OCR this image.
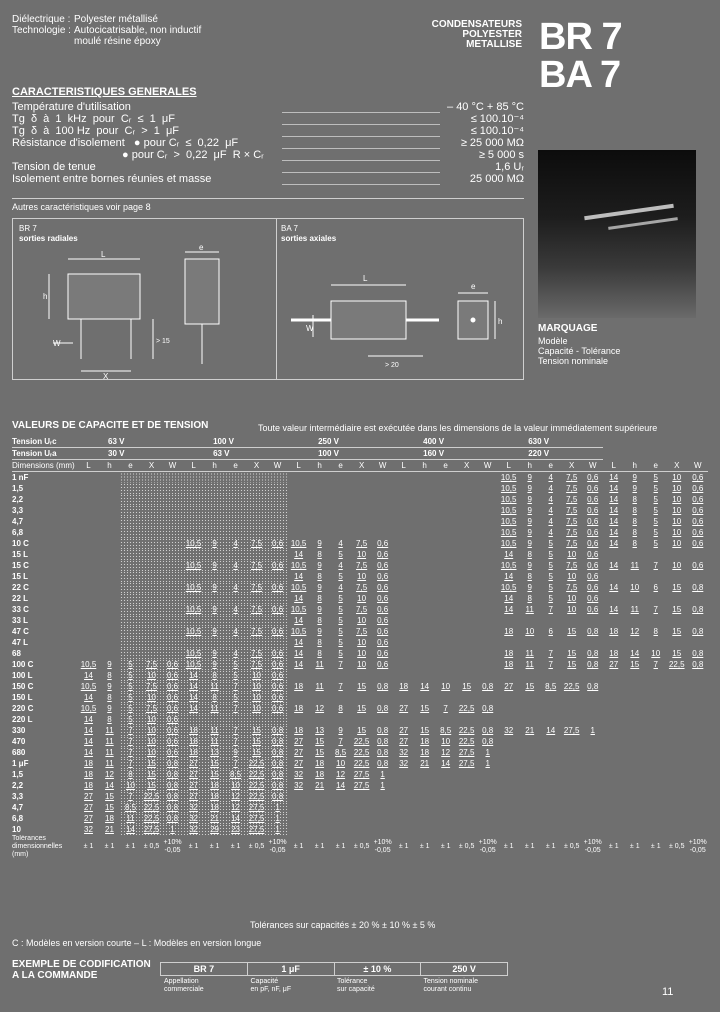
Diélectrique : Polyester métallisé
Technologie : Autocicatrisable, non inductif
moulé résine époxy
CONDENSATEURS
POLYESTER
METALLISE BR 7
BA 7
CARACTERISTIQUES GENERALES
Température d'utilisation	– 40 °C + 85 °C
Tg  δ  à  1  kHz  pour  Cᵣ  ≤  1  μF	≤ 100.10⁻⁴
Tg  δ  à  100 Hz  pour  Cᵣ  >  1  μF	≤ 100.10⁻⁴
Résistance d'isolement   ● pour Cᵣ  ≤  0,22  μF	≥ 25 000 MΩ
● pour Cᵣ  >  0,22  μF  R × Cᵣ	≥ 5 000 s
Tension de tenue	1,6 Uᵣ
Isolement entre bornes réunies et masse	25 000 MΩ
Autres caractéristiques voir page 8
BR 7
sorties radiales
BA 7
sorties axiales
L
e
h
W
X
> 15
L
e
h
W
> 20
MARQUAGE
Modèle
Capacité - Tolérance
Tension nominale
VALEURS DE CAPACITE ET DE TENSION	Toute valeur intermédiaire est exécutée dans les dimensions de la valeur immédiatement supérieure
Tension Uᵣc	63 V					100 V					250 V					400 V					630 V									
Tension Uᵣa	30 V					63 V					100 V					160 V					220 V									
Dimensions (mm)	L	h	e	X	W	L	h	e	X	W	L	h	e	X	W	L	h	e	X	W	L	h	e	X	W	L	h	e	X	W
1 nF																					10,5	9	4	7,5	0,6	14	9	5	10	0,6
1,5																					10,5	9	4	7,5	0,6	14	9	5	10	0,6
2,2																					10,5	9	4	7,5	0,6	14	8	5	10	0,6
3,3																					10,5	9	4	7,5	0,6	14	8	5	10	0,6
4,7																					10,5	9	4	7,5	0,6	14	8	5	10	0,6
6,8																					10,5	9	4	7,5	0,6	14	8	5	10	0,6
10 C						10,5	9	4	7,5	0,6	10,5	9	4	7,5	0,6						10,5	9	5	7,5	0,6	14	8	5	10	0,6
15 L											14	8	5	10	0,6						14	8	5	10	0,6					
15 C						10,5	9	4	7,5	0,6	10,5	9	4	7,5	0,6						10,5	9	5	7,5	0,6	14	11	7	10	0,6
15 L											14	8	5	10	0,6						14	8	5	10	0,6					
22 C						10,5	9	4	7,5	0,6	10,5	9	4	7,5	0,6						10,5	9	5	7,5	0,6	14	10	6	15	0,8
22 L											14	8	5	10	0,6						14	8	5	10	0,6					
33 C						10,5	9	4	7,5	0,6	10,5	9	5	7,5	0,6						14	11	7	10	0,6	14	11	7	15	0,8
33 L											14	8	5	10	0,6															
47 C						10,5	9	4	7,5	0,6	10,5	9	5	7,5	0,6						18	10	6	15	0,8	18	12	8	15	0,8
47 L											14	8	5	10	0,6															
68						10,5	9	4	7,5	0,6	14	8	5	10	0,6						18	11	7	15	0,8	18	14	10	15	0,8
100 C	10,5	9	5	7,5	0,6	10,5	9	5	7,5	0,6	14	11	7	10	0,6						18	11	7	15	0,8	27	15	7	22,5	0,8
100 L	14	8	5	10	0,6	14	8	5	10	0,6																				
150 C	10,5	9	5	7,5	0,6	14	11	7	10	0,6	18	11	7	15	0,8	18	14	10	15	0,8	27	15	8,5	22,5	0,8					
150 L	14	8	5	10	0,6	14	8	5	10	0,6																				
220 C	10,5	9	5	7,5	0,6	14	11	7	10	0,6	18	12	8	15	0,8	27	15	7	22,5	0,8										
220 L	14	8	5	10	0,6																									
330	14	11	7	10	0,6	18	11	7	15	0,8	18	13	9	15	0,8	27	15	8,5	22,5	0,8	32	21	14	27,5	1					
470	14	11	7	10	0,6	18	11	7	15	0,8	27	15	7	22,5	0,8	27	18	10	22,5	0,8										
680	14	11	7	10	0,6	18	13	9	15	0,8	27	15	8,5	22,5	0,8	32	18	12	27,5	1										
1 μF	18	11	7	15	0,8	27	15	7	22,5	0,8	27	18	10	22,5	0,8	32	21	14	27,5	1										
1,5	18	12	8	15	0,8	27	15	8,5	22,5	0,8	32	18	12	27,5	1															
2,2	18	14	10	15	0,8	27	18	10	22,5	0,8	32	21	14	27,5	1															
3,3	27	15	7	22,5	0,8	27	18	12	22,5	0,8																				
4,7	27	15	8,5	22,5	0,8	32	18	12	27,5	1																				
6,8	27	18	11	22,5	0,8	32	21	14	27,5	1																				
10	32	21	14	27,5	1	32	29	23	27,5	1																				
Tolérances dimensionnelles (mm)	± 1	± 1	± 1	± 0,5	+10% -0,05	± 1	± 1	± 1	± 0,5	+10% -0,05	± 1	± 1	± 1	± 0,5	+10% -0,05	± 1	± 1	± 1	± 0,5	+10% -0,05	± 1	± 1	± 1	± 0,5	+10% -0,05	± 1	± 1	± 1	± 0,5	+10% -0,05
Tolérances sur capacités ± 20 % ± 10 % ± 5 %
C : Modèles en version courte – L : Modèles en version longue
EXEMPLE DE CODIFICATION
A LA COMMANDE
BR 7	1 μF	± 10 %	250 V
Appellation
commerciale
Capacité
en pF, nF, μF
Tolérance
sur capacité
Tension nominale
courant continu	11
